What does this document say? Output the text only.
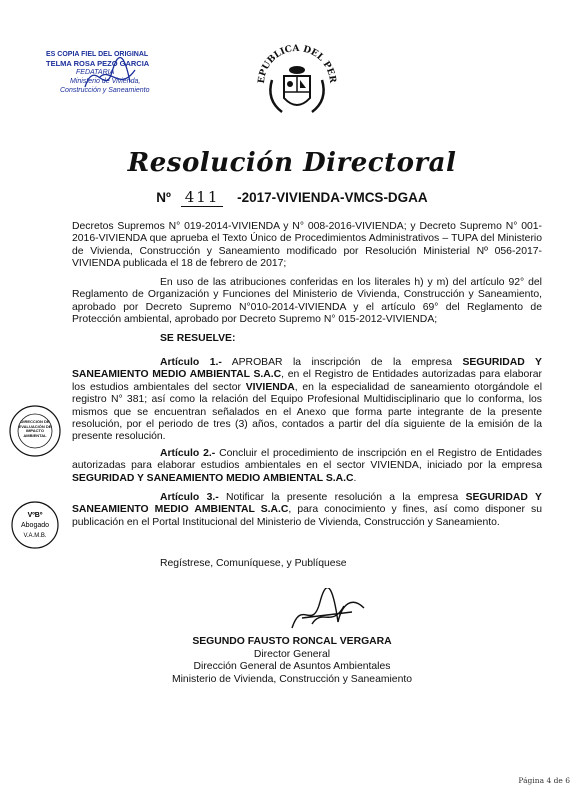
ES COPIA FIEL DEL ORIGINAL
TELMA ROSA PEZO GARCIA
FEDATARIA
Ministerio de Vivienda,
Construcción y Saneamiento
EPUBLICA DEL PER
Resolución Directoral
Nº 411 -2017-VIVIENDA-VMCS-DGAA
Decretos Supremos N° 019-2014-VIVIENDA y N° 008-2016-VIVIENDA; y Decreto Supremo N° 001-2016-VIVIENDA que aprueba el Texto Único de Procedimientos Administrativos – TUPA del Ministerio de Vivienda, Construcción y Saneamiento modificado por Resolución Ministerial Nº 056-2017-VIVIENDA publicada el 18 de febrero de 2017;
En uso de las atribuciones conferidas en los literales h) y m) del artículo 92° del Reglamento de Organización y Funciones del Ministerio de Vivienda, Construcción y Saneamiento, aprobado por Decreto Supremo N°010-2014-VIVIENDA y el artículo 69° del Reglamento de Protección ambiental, aprobado por Decreto Supremo N° 015-2012-VIVIENDA;
SE RESUELVE:
Artículo 1.- APROBAR la inscripción de la empresa SEGURIDAD Y SANEAMIENTO MEDIO AMBIENTAL S.A.C, en el Registro de Entidades autorizadas para elaborar los estudios ambientales del sector VIVIENDA, en la especialidad de saneamiento otorgándole el registro N° 381; así como la relación del Equipo Profesional Multidisciplinario que lo conforma, los mismos que se encuentran señalados en el Anexo que forma parte integrante de la presente resolución, por el periodo de tres (3) años, contados a partir del día siguiente de la emisión de la presente resolución.
Artículo 2.- Concluir el procedimiento de inscripción en el Registro de Entidades autorizadas para elaborar estudios ambientales en el sector VIVIENDA, iniciado por la empresa SEGURIDAD Y SANEAMIENTO MEDIO AMBIENTAL S.A.C.
Artículo 3.- Notificar la presente resolución a la empresa SEGURIDAD Y SANEAMIENTO MEDIO AMBIENTAL S.A.C, para conocimiento y fines, así como disponer su publicación en el Portal Institucional del Ministerio de Vivienda, Construcción y Saneamiento.
Regístrese, Comuníquese, y Publíquese
SEGUNDO FAUSTO RONCAL VERGARA
Director General
Dirección General de Asuntos Ambientales
Ministerio de Vivienda, Construcción y Saneamiento
DIRECCIÓN DE EVALUACIÓN DE IMPACTO AMBIENTAL
VºBº
Abogado
V.A.M.B.
Página 4 de 6
